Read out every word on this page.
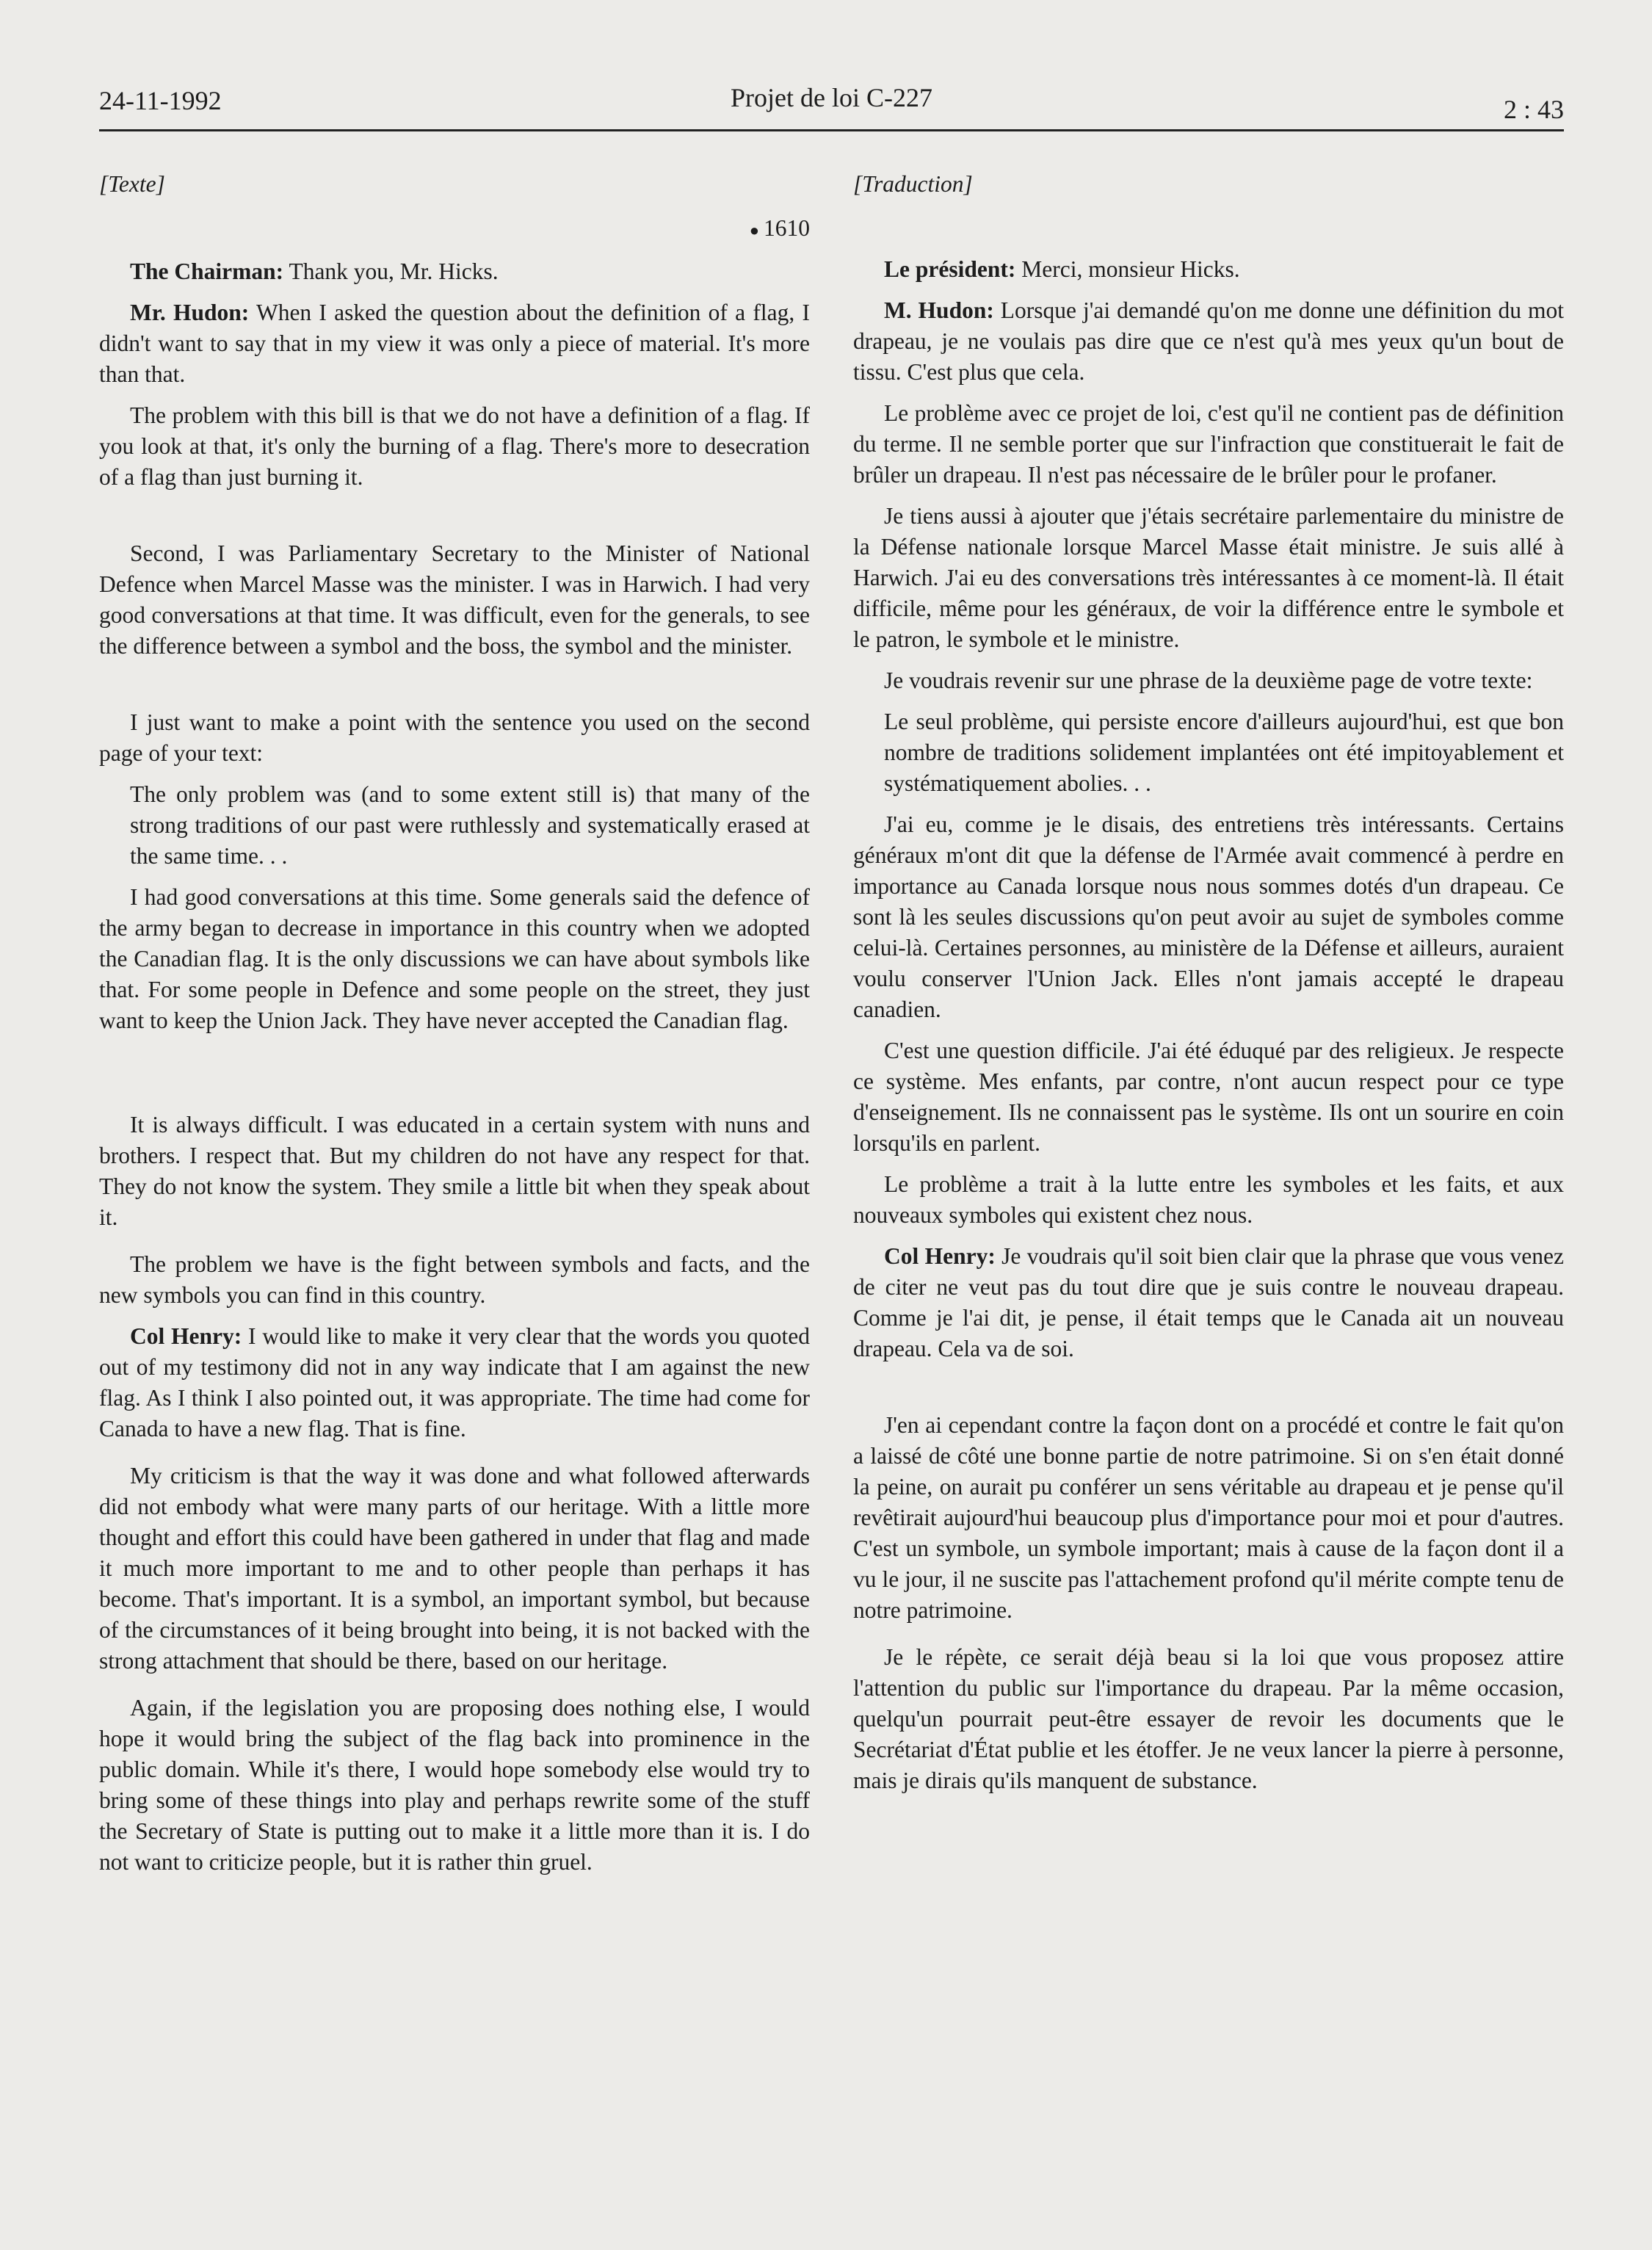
24-11-1992	Projet de loi C-227	2 : 43

[Texte]

● 1610

The Chairman: Thank you, Mr. Hicks.

Mr. Hudon: When I asked the question about the definition of a flag, I didn't want to say that in my view it was only a piece of material. It's more than that.

The problem with this bill is that we do not have a definition of a flag. If you look at that, it's only the burning of a flag. There's more to desecration of a flag than just burning it.

Second, I was Parliamentary Secretary to the Minister of National Defence when Marcel Masse was the minister. I was in Harwich. I had very good conversations at that time. It was difficult, even for the generals, to see the difference between a symbol and the boss, the symbol and the minister.

I just want to make a point with the sentence you used on the second page of your text:

The only problem was (and to some extent still is) that many of the strong traditions of our past were ruthlessly and systematically erased at the same time. . .

I had good conversations at this time. Some generals said the defence of the army began to decrease in importance in this country when we adopted the Canadian flag. It is the only discussions we can have about symbols like that. For some people in Defence and some people on the street, they just want to keep the Union Jack. They have never accepted the Canadian flag.

It is always difficult. I was educated in a certain system with nuns and brothers. I respect that. But my children do not have any respect for that. They do not know the system. They smile a little bit when they speak about it.

The problem we have is the fight between symbols and facts, and the new symbols you can find in this country.

Col Henry: I would like to make it very clear that the words you quoted out of my testimony did not in any way indicate that I am against the new flag. As I think I also pointed out, it was appropriate. The time had come for Canada to have a new flag. That is fine.

My criticism is that the way it was done and what followed afterwards did not embody what were many parts of our heritage. With a little more thought and effort this could have been gathered in under that flag and made it much more important to me and to other people than perhaps it has become. That's important. It is a symbol, an important symbol, but because of the circumstances of it being brought into being, it is not backed with the strong attachment that should be there, based on our heritage.

Again, if the legislation you are proposing does nothing else, I would hope it would bring the subject of the flag back into prominence in the public domain. While it's there, I would hope somebody else would try to bring some of these things into play and perhaps rewrite some of the stuff the Secretary of State is putting out to make it a little more than it is. I do not want to criticize people, but it is rather thin gruel.

[Traduction]

Le président: Merci, monsieur Hicks.

M. Hudon: Lorsque j'ai demandé qu'on me donne une définition du mot drapeau, je ne voulais pas dire que ce n'est qu'à mes yeux qu'un bout de tissu. C'est plus que cela.

Le problème avec ce projet de loi, c'est qu'il ne contient pas de définition du terme. Il ne semble porter que sur l'infraction que constituerait le fait de brûler un drapeau. Il n'est pas nécessaire de le brûler pour le profaner.

Je tiens aussi à ajouter que j'étais secrétaire parlementaire du ministre de la Défense nationale lorsque Marcel Masse était ministre. Je suis allé à Harwich. J'ai eu des conversations très intéressantes à ce moment-là. Il était difficile, même pour les généraux, de voir la différence entre le symbole et le patron, le symbole et le ministre.

Je voudrais revenir sur une phrase de la deuxième page de votre texte:

Le seul problème, qui persiste encore d'ailleurs aujourd'hui, est que bon nombre de traditions solidement implantées ont été impitoyablement et systématiquement abolies. . .

J'ai eu, comme je le disais, des entretiens très intéressants. Certains généraux m'ont dit que la défense de l'Armée avait commencé à perdre en importance au Canada lorsque nous nous sommes dotés d'un drapeau. Ce sont là les seules discussions qu'on peut avoir au sujet de symboles comme celui-là. Certaines personnes, au ministère de la Défense et ailleurs, auraient voulu conserver l'Union Jack. Elles n'ont jamais accepté le drapeau canadien.

C'est une question difficile. J'ai été éduqué par des religieux. Je respecte ce système. Mes enfants, par contre, n'ont aucun respect pour ce type d'enseignement. Ils ne connaissent pas le système. Ils ont un sourire en coin lorsqu'ils en parlent.

Le problème a trait à la lutte entre les symboles et les faits, et aux nouveaux symboles qui existent chez nous.

Col Henry: Je voudrais qu'il soit bien clair que la phrase que vous venez de citer ne veut pas du tout dire que je suis contre le nouveau drapeau. Comme je l'ai dit, je pense, il était temps que le Canada ait un nouveau drapeau. Cela va de soi.

J'en ai cependant contre la façon dont on a procédé et contre le fait qu'on a laissé de côté une bonne partie de notre patrimoine. Si on s'en était donné la peine, on aurait pu conférer un sens véritable au drapeau et je pense qu'il revêtirait aujourd'hui beaucoup plus d'importance pour moi et pour d'autres. C'est un symbole, un symbole important; mais à cause de la façon dont il a vu le jour, il ne suscite pas l'attachement profond qu'il mérite compte tenu de notre patrimoine.

Je le répète, ce serait déjà beau si la loi que vous proposez attire l'attention du public sur l'importance du drapeau. Par la même occasion, quelqu'un pourrait peut-être essayer de revoir les documents que le Secrétariat d'État publie et les étoffer. Je ne veux lancer la pierre à personne, mais je dirais qu'ils manquent de substance.
